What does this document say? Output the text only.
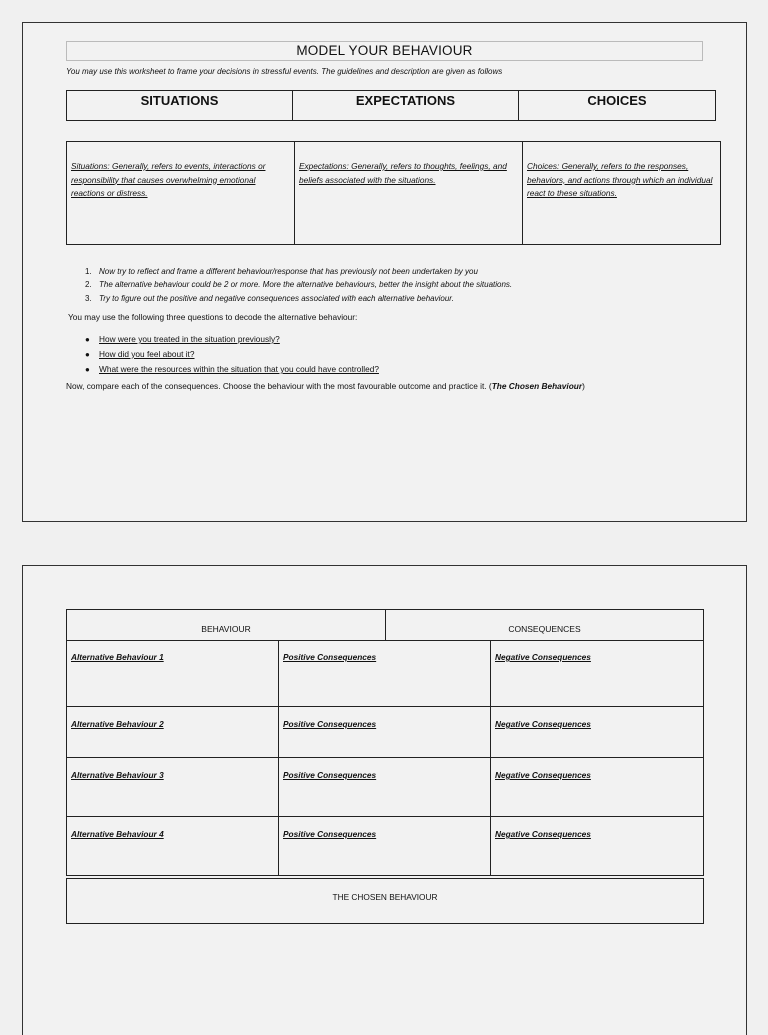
MODEL YOUR BEHAVIOUR
You may use this worksheet to frame your decisions in stressful events. The guidelines and description are given as follows
SITUATIONS	EXPECTATIONS	CHOICES
Situations: Generally, refers to events, interactions or responsibility that causes overwhelming emotional reactions or distress.
Expectations: Generally, refers to thoughts, feelings, and beliefs associated with the situations.
Choices: Generally, refers to the responses, behaviors, and actions through which an individual react to these situations.
1. Now try to reflect and frame a different behaviour/response that has previously not been undertaken by you
2. The alternative behaviour could be 2 or more. More the alternative behaviours, better the insight about the situations.
3. Try to figure out the positive and negative consequences associated with each alternative behaviour.
You may use the following three questions to decode the alternative behaviour:
● How were you treated in the situation previously?
● How did you feel about it?
● What were the resources within the situation that you could have controlled?
Now, compare each of the consequences. Choose the behaviour with the most favourable outcome and practice it. (The Chosen Behaviour)
BEHAVIOUR	CONSEQUENCES
Alternative Behaviour 1	Positive Consequences	Negative Consequences
Alternative Behaviour 2	Positive Consequences	Negative Consequences
Alternative Behaviour 3	Positive Consequences	Negative Consequences
Alternative Behaviour 4	Positive Consequences	Negative Consequences
THE CHOSEN BEHAVIOUR
